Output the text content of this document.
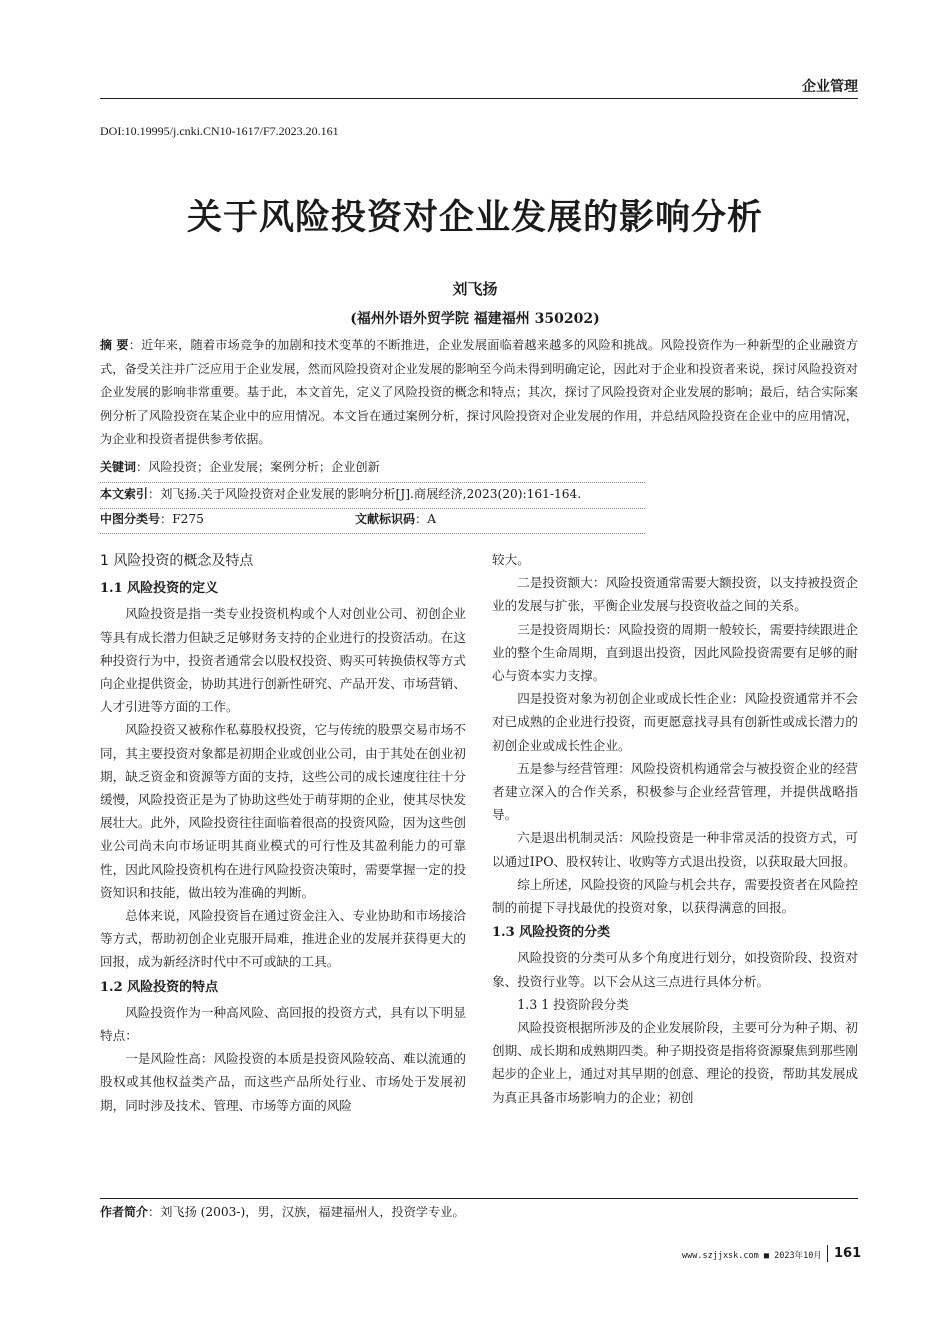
企业管理
DOI:10.19995/j.cnki.CN10-1617/F7.2023.20.161
关于风险投资对企业发展的影响分析
刘飞扬
(福州外语外贸学院 福建福州 350202)
摘 要：近年来，随着市场竞争的加剧和技术变革的不断推进，企业发展面临着越来越多的风险和挑战。风险投资作为一种新型的企业融资方式，备受关注并广泛应用于企业发展，然而风险投资对企业发展的影响至今尚未得到明确定论，因此对于企业和投资者来说，探讨风险投资对企业发展的影响非常重要。基于此，本文首先，定义了风险投资的概念和特点；其次，探讨了风险投资对企业发展的影响；最后，结合实际案例分析了风险投资在某企业中的应用情况。本文旨在通过案例分析，探讨风险投资对企业发展的作用，并总结风险投资在企业中的应用情况，为企业和投资者提供参考依据。
关键词：风险投资；企业发展；案例分析；企业创新
本文索引：刘飞扬.关于风险投资对企业发展的影响分析[J].商展经济,2023(20):161-164.
中图分类号：F275	文献标识码：A
1 风险投资的概念及特点
1.1 风险投资的定义

风险投资是指一类专业投资机构或个人对创业公司、初创企业等具有成长潜力但缺乏足够财务支持的企业进行的投资活动。在这种投资行为中，投资者通常会以股权投资、购买可转换债权等方式向企业提供资金，协助其进行创新性研究、产品开发、市场营销、人才引进等方面的工作。

风险投资又被称作私募股权投资，它与传统的股票交易市场不同，其主要投资对象都是初期企业或创业公司，由于其处在创业初期，缺乏资金和资源等方面的支持，这些公司的成长速度往往十分缓慢，风险投资正是为了协助这些处于萌芽期的企业，使其尽快发展壮大。此外，风险投资往往面临着很高的投资风险，因为这些创业公司尚未向市场证明其商业模式的可行性及其盈利能力的可靠性，因此风险投资机构在进行风险投资决策时，需要掌握一定的投资知识和技能，做出较为准确的判断。

总体来说，风险投资旨在通过资金注入、专业协助和市场接洽等方式，帮助初创企业克服开局难，推进企业的发展并获得更大的回报，成为新经济时代中不可或缺的工具。

1.2 风险投资的特点

风险投资作为一种高风险、高回报的投资方式，具有以下明显特点：

一是风险性高：风险投资的本质是投资风险较高、难以流通的股权或其他权益类产品，而这些产品所处行业、市场处于发展初期，同时涉及技术、管理、市场等方面的风险

较大。

二是投资额大：风险投资通常需要大额投资，以支持被投资企业的发展与扩张，平衡企业发展与投资收益之间的关系。

三是投资周期长：风险投资的周期一般较长，需要持续跟进企业的整个生命周期，直到退出投资，因此风险投资需要有足够的耐心与资本实力支撑。

四是投资对象为初创企业或成长性企业：风险投资通常并不会对已成熟的企业进行投资，而更愿意找寻具有创新性或成长潜力的初创企业或成长性企业。

五是参与经营管理：风险投资机构通常会与被投资企业的经营者建立深入的合作关系，积极参与企业经营管理，并提供战略指导。

六是退出机制灵活：风险投资是一种非常灵活的投资方式，可以通过IPO、股权转让、收购等方式退出投资，以获取最大回报。

综上所述，风险投资的风险与机会共存，需要投资者在风险控制的前提下寻找最优的投资对象，以获得满意的回报。

1.3 风险投资的分类

风险投资的分类可从多个角度进行划分，如投资阶段、投资对象、投资行业等。以下会从这三点进行具体分析。

1.3 1 投资阶段分类

风险投资根据所涉及的企业发展阶段，主要可分为种子期、初创期、成长期和成熟期四类。种子期投资是指将资源聚焦到那些刚起步的企业上，通过对其早期的创意、理论的投资，帮助其发展成为真正具备市场影响力的企业；初创

作者简介：刘飞扬 (2003-)，男，汉族，福建福州人，投资学专业。
www.szjjxsk.com ■ 2023年10月 161
